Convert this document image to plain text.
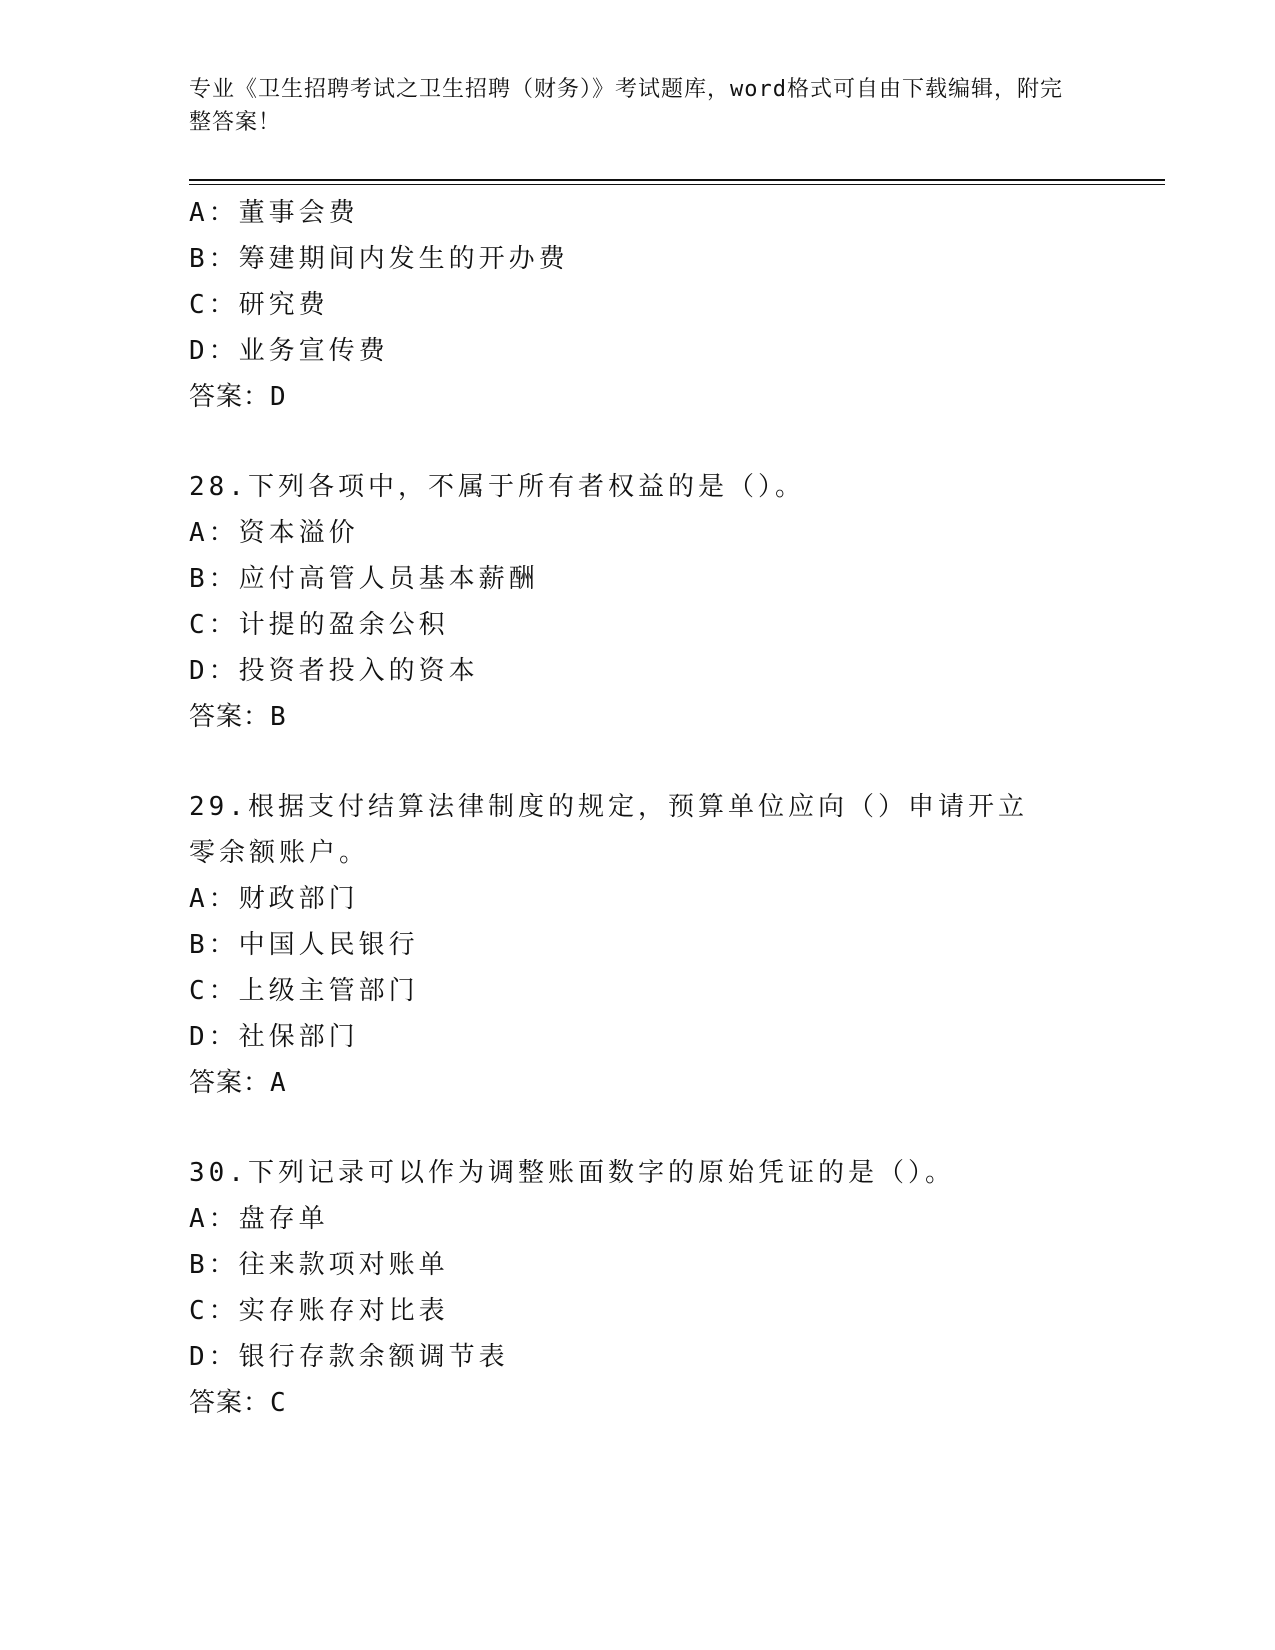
专业《卫生招聘考试之卫生招聘（财务）》考试题库，word格式可自由下载编辑，附完整答案！
A：董事会费
B：筹建期间内发生的开办费
C：研究费
D：业务宣传费
答案：D
28.下列各项中，不属于所有者权益的是（）。
A：资本溢价
B：应付高管人员基本薪酬
C：计提的盈余公积
D：投资者投入的资本
答案：B
29.根据支付结算法律制度的规定，预算单位应向（）申请开立零余额账户。
A：财政部门
B：中国人民银行
C：上级主管部门
D：社保部门
答案：A
30.下列记录可以作为调整账面数字的原始凭证的是（）。
A：盘存单
B：往来款项对账单
C：实存账存对比表
D：银行存款余额调节表
答案：C
